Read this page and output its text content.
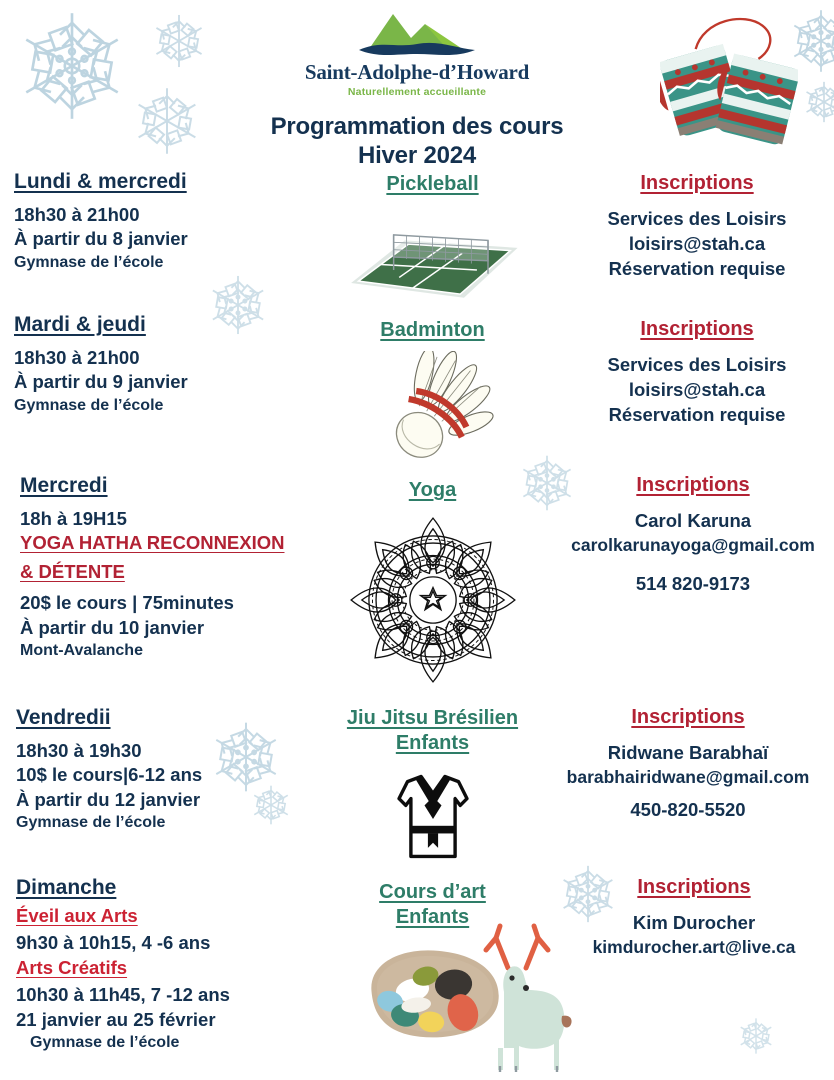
Saint-Adolphe-d’Howard
Naturellement accueillante
Programmation des cours
Hiver 2024
Lundi & mercredi
18h30 à 21h00
À partir du 8 janvier
Gymnase de l’école
Mardi & jeudi
18h30 à 21h00
À partir du 9 janvier
Gymnase de l’école
Mercredi
18h à 19H15
YOGA HATHA RECONNEXION
& DÉTENTE
20$ le cours | 75minutes
À partir du 10 janvier
Mont-Avalanche
Vendredii
18h30 à 19h30
10$ le cours|6-12 ans
À partir du 12 janvier
Gymnase de l’école
Dimanche
Éveil aux Arts
9h30 à 10h15, 4 -6 ans
Arts Créatifs
10h30 à 11h45, 7 -12 ans
21 janvier au 25 février
Gymnase de l’école
Pickleball
Badminton
Yoga
Jiu Jitsu Brésilien
Enfants
Cours d’art
Enfants
Inscriptions
Services des Loisirs
loisirs@stah.ca
Réservation requise
Inscriptions
Services des Loisirs
loisirs@stah.ca
Réservation requise
Inscriptions
Carol Karuna
carolkarunayoga@gmail.com
514 820-9173
Inscriptions
Ridwane Barabhaï
barabhairidwane@gmail.com
450-820-5520
Inscriptions
Kim Durocher
kimdurocher.art@live.ca
